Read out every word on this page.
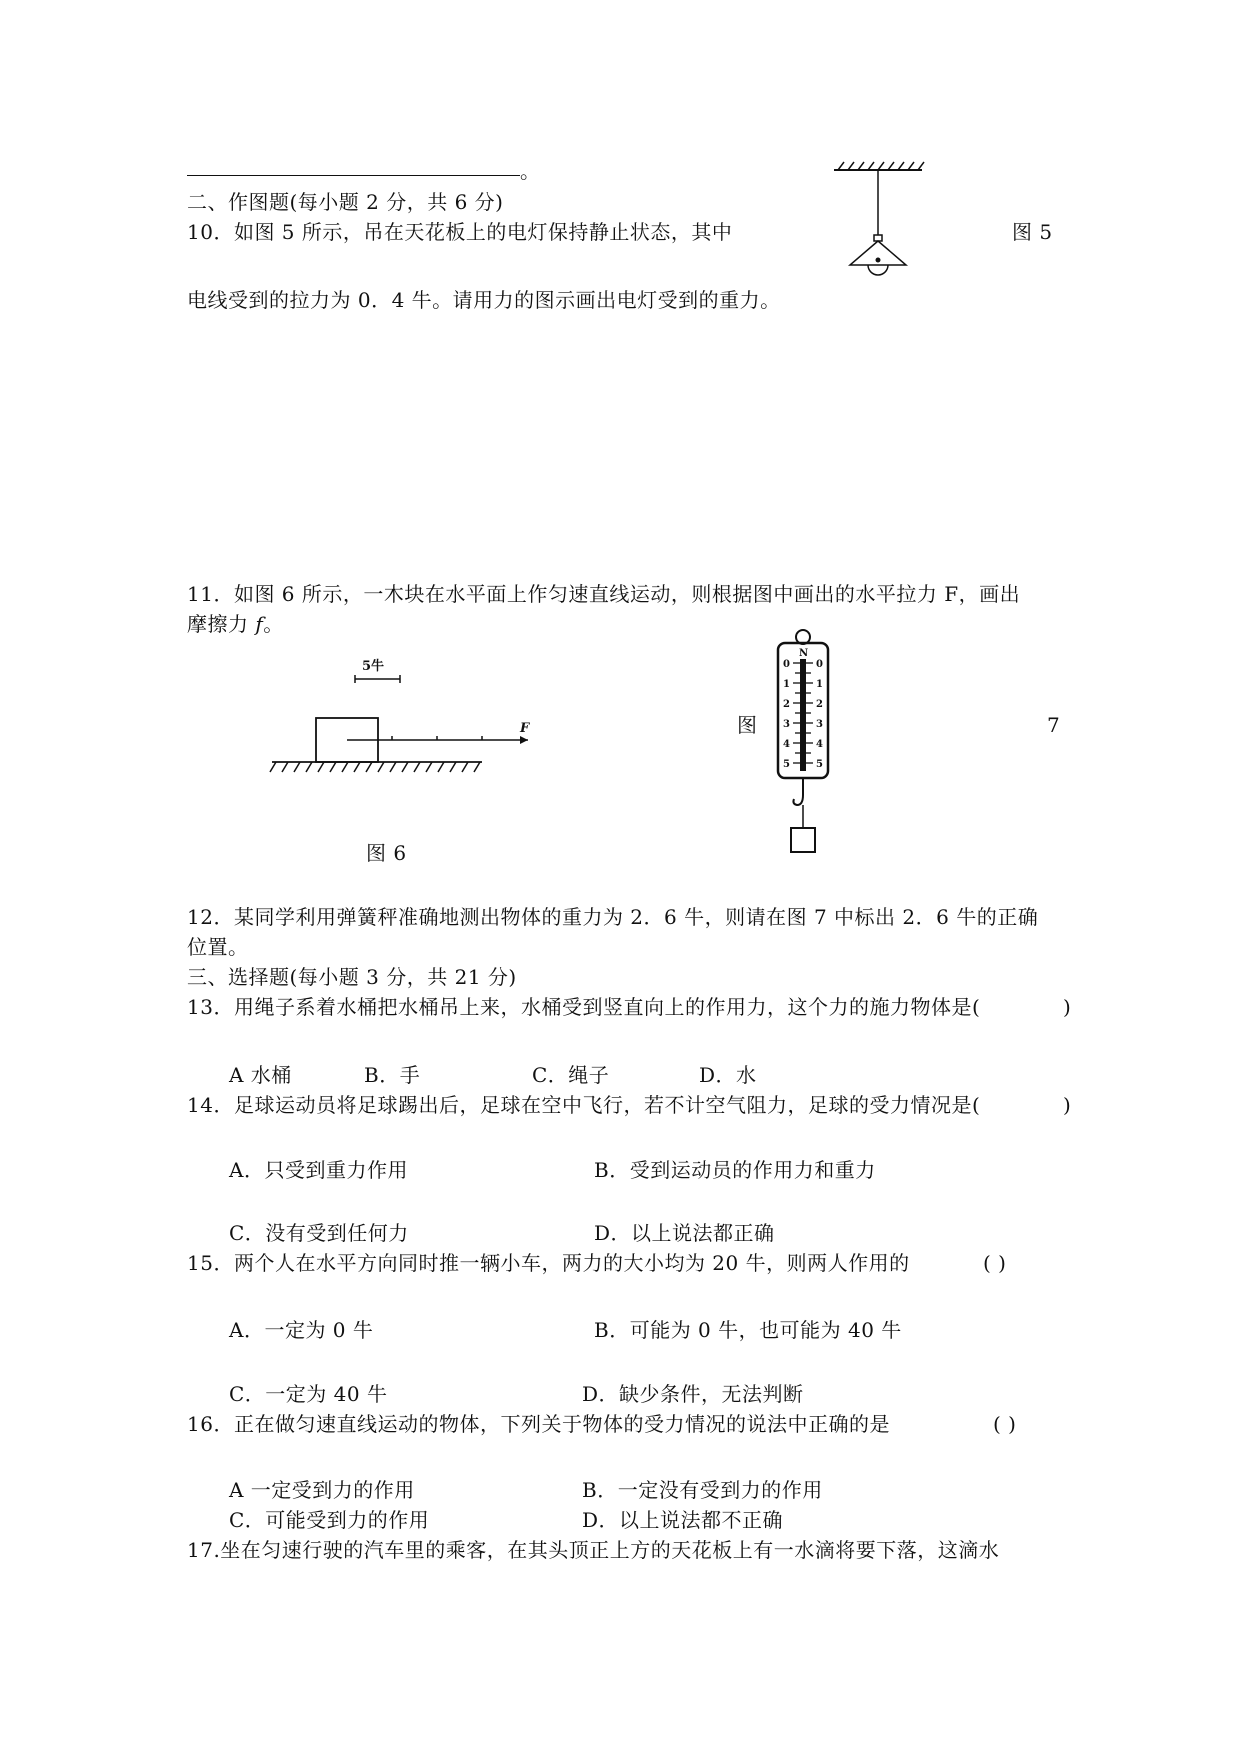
。
二、作图题(每小题 2 分，共 6 分)
10．如图 5 所示，吊在天花板上的电灯保持静止状态，其中	图 5
电线受到的拉力为 0．4 牛。请用力的图示画出电灯受到的重力。
11．如图 6 所示，一木块在水平面上作匀速直线运动，则根据图中画出的水平拉力 F，画出
摩擦力 f。
5牛
F
图 6
图	7
N
0
1
2
3
4
5
0
1
2
3
4
5
12．某同学利用弹簧秤准确地测出物体的重力为 2．6 牛，则请在图 7 中标出 2．6 牛的正确
位置。
三、选择题(每小题 3 分，共 21 分)
13．用绳子系着水桶把水桶吊上来，水桶受到竖直向上的作用力，这个力的施力物体是(	)
A 水桶	B．手	C．绳子	D．水
14．足球运动员将足球踢出后，足球在空中飞行，若不计空气阻力，足球的受力情况是(	)
A．只受到重力作用	B．受到运动员的作用力和重力
C．没有受到任何力	D．以上说法都正确
15．两个人在水平方向同时推一辆小车，两力的大小均为 20 牛，则两人作用的	( )
A．一定为 0 牛	B．可能为 0 牛，也可能为 40 牛
C．一定为 40 牛	D．缺少条件，无法判断
16．正在做匀速直线运动的物体，下列关于物体的受力情况的说法中正确的是	( )
A 一定受到力的作用	B．一定没有受到力的作用
C．可能受到力的作用	D．以上说法都不正确
17.坐在匀速行驶的汽车里的乘客，在其头顶正上方的天花板上有一水滴将要下落，这滴水
